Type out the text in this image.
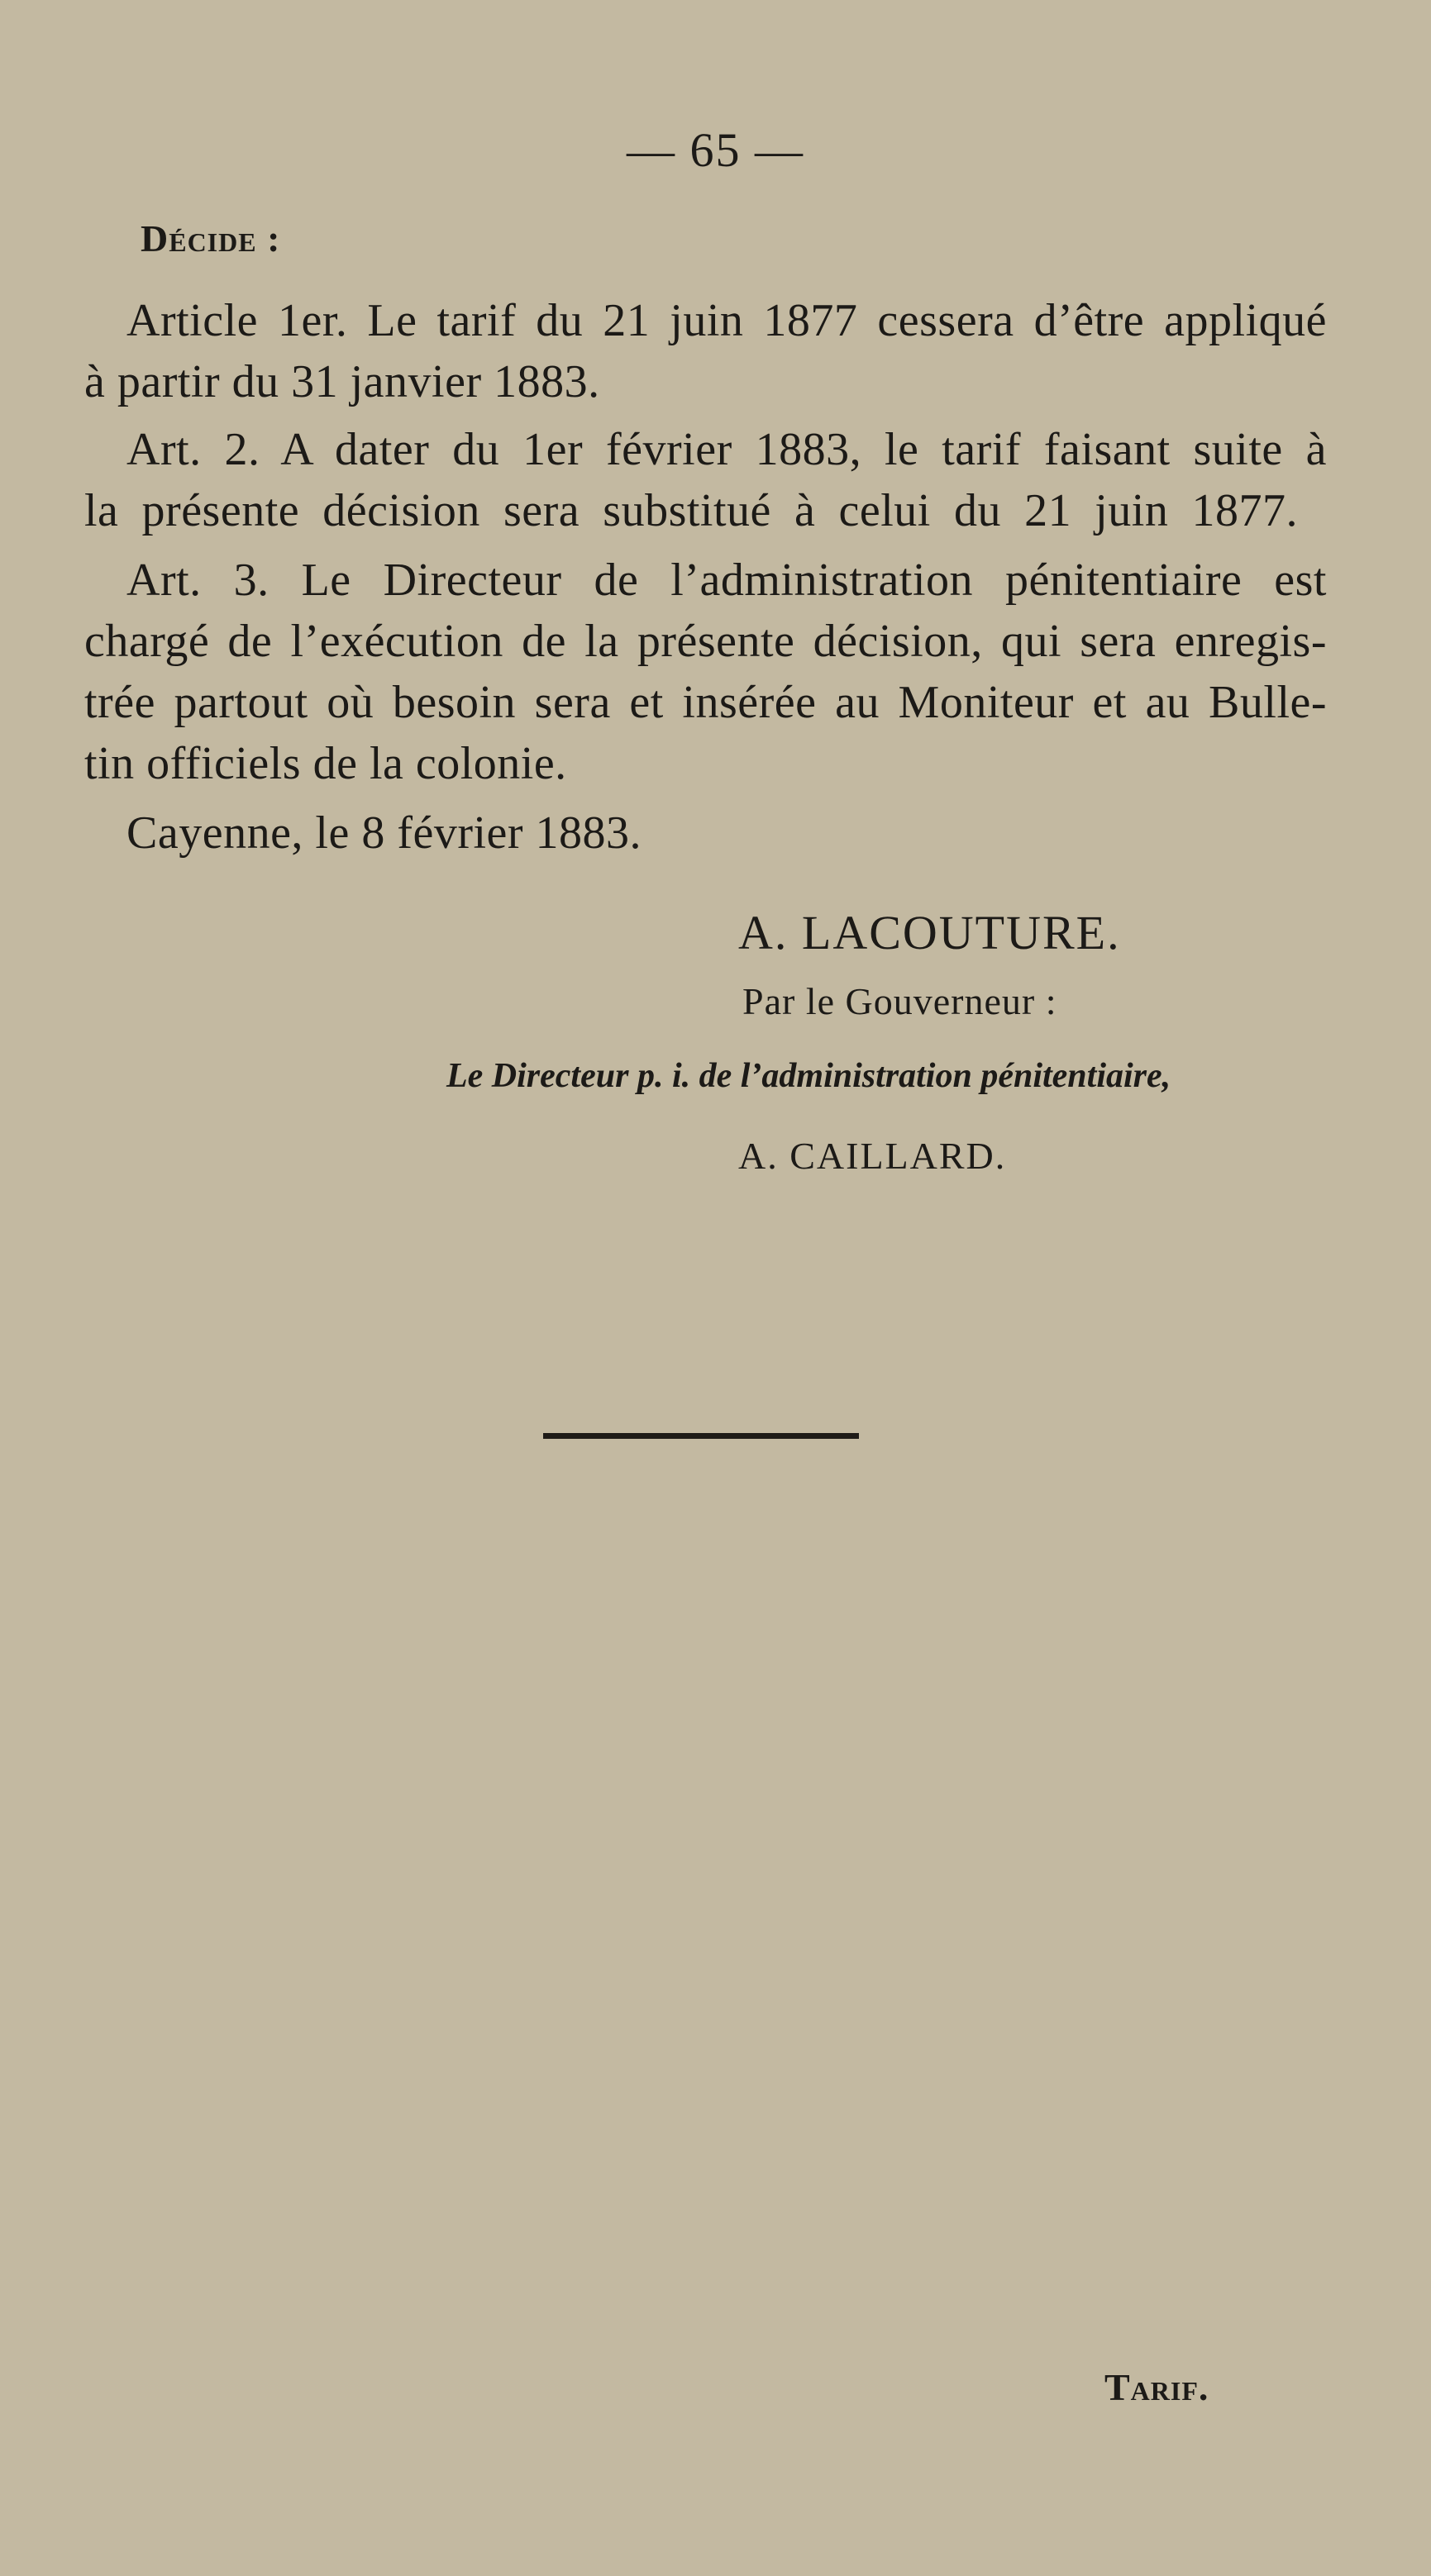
— 65 —
Décide :
Article 1er. Le tarif du 21 juin 1877 cessera d’être appliqué
à partir du 31 janvier 1883.
Art. 2. A dater du 1er février 1883, le tarif faisant suite à
la présente décision sera substitué à celui du 21 juin 1877.
Art. 3. Le Directeur de l’administration pénitentiaire est
chargé de l’exécution de la présente décision, qui sera enregis-
trée partout où besoin sera et insérée au Moniteur et au Bulle-
tin officiels de la colonie.
Cayenne, le 8 février 1883.
A. LACOUTURE.
Par le Gouverneur :
Le Directeur p. i. de l’administration pénitentiaire,
A. CAILLARD.
Tarif.
